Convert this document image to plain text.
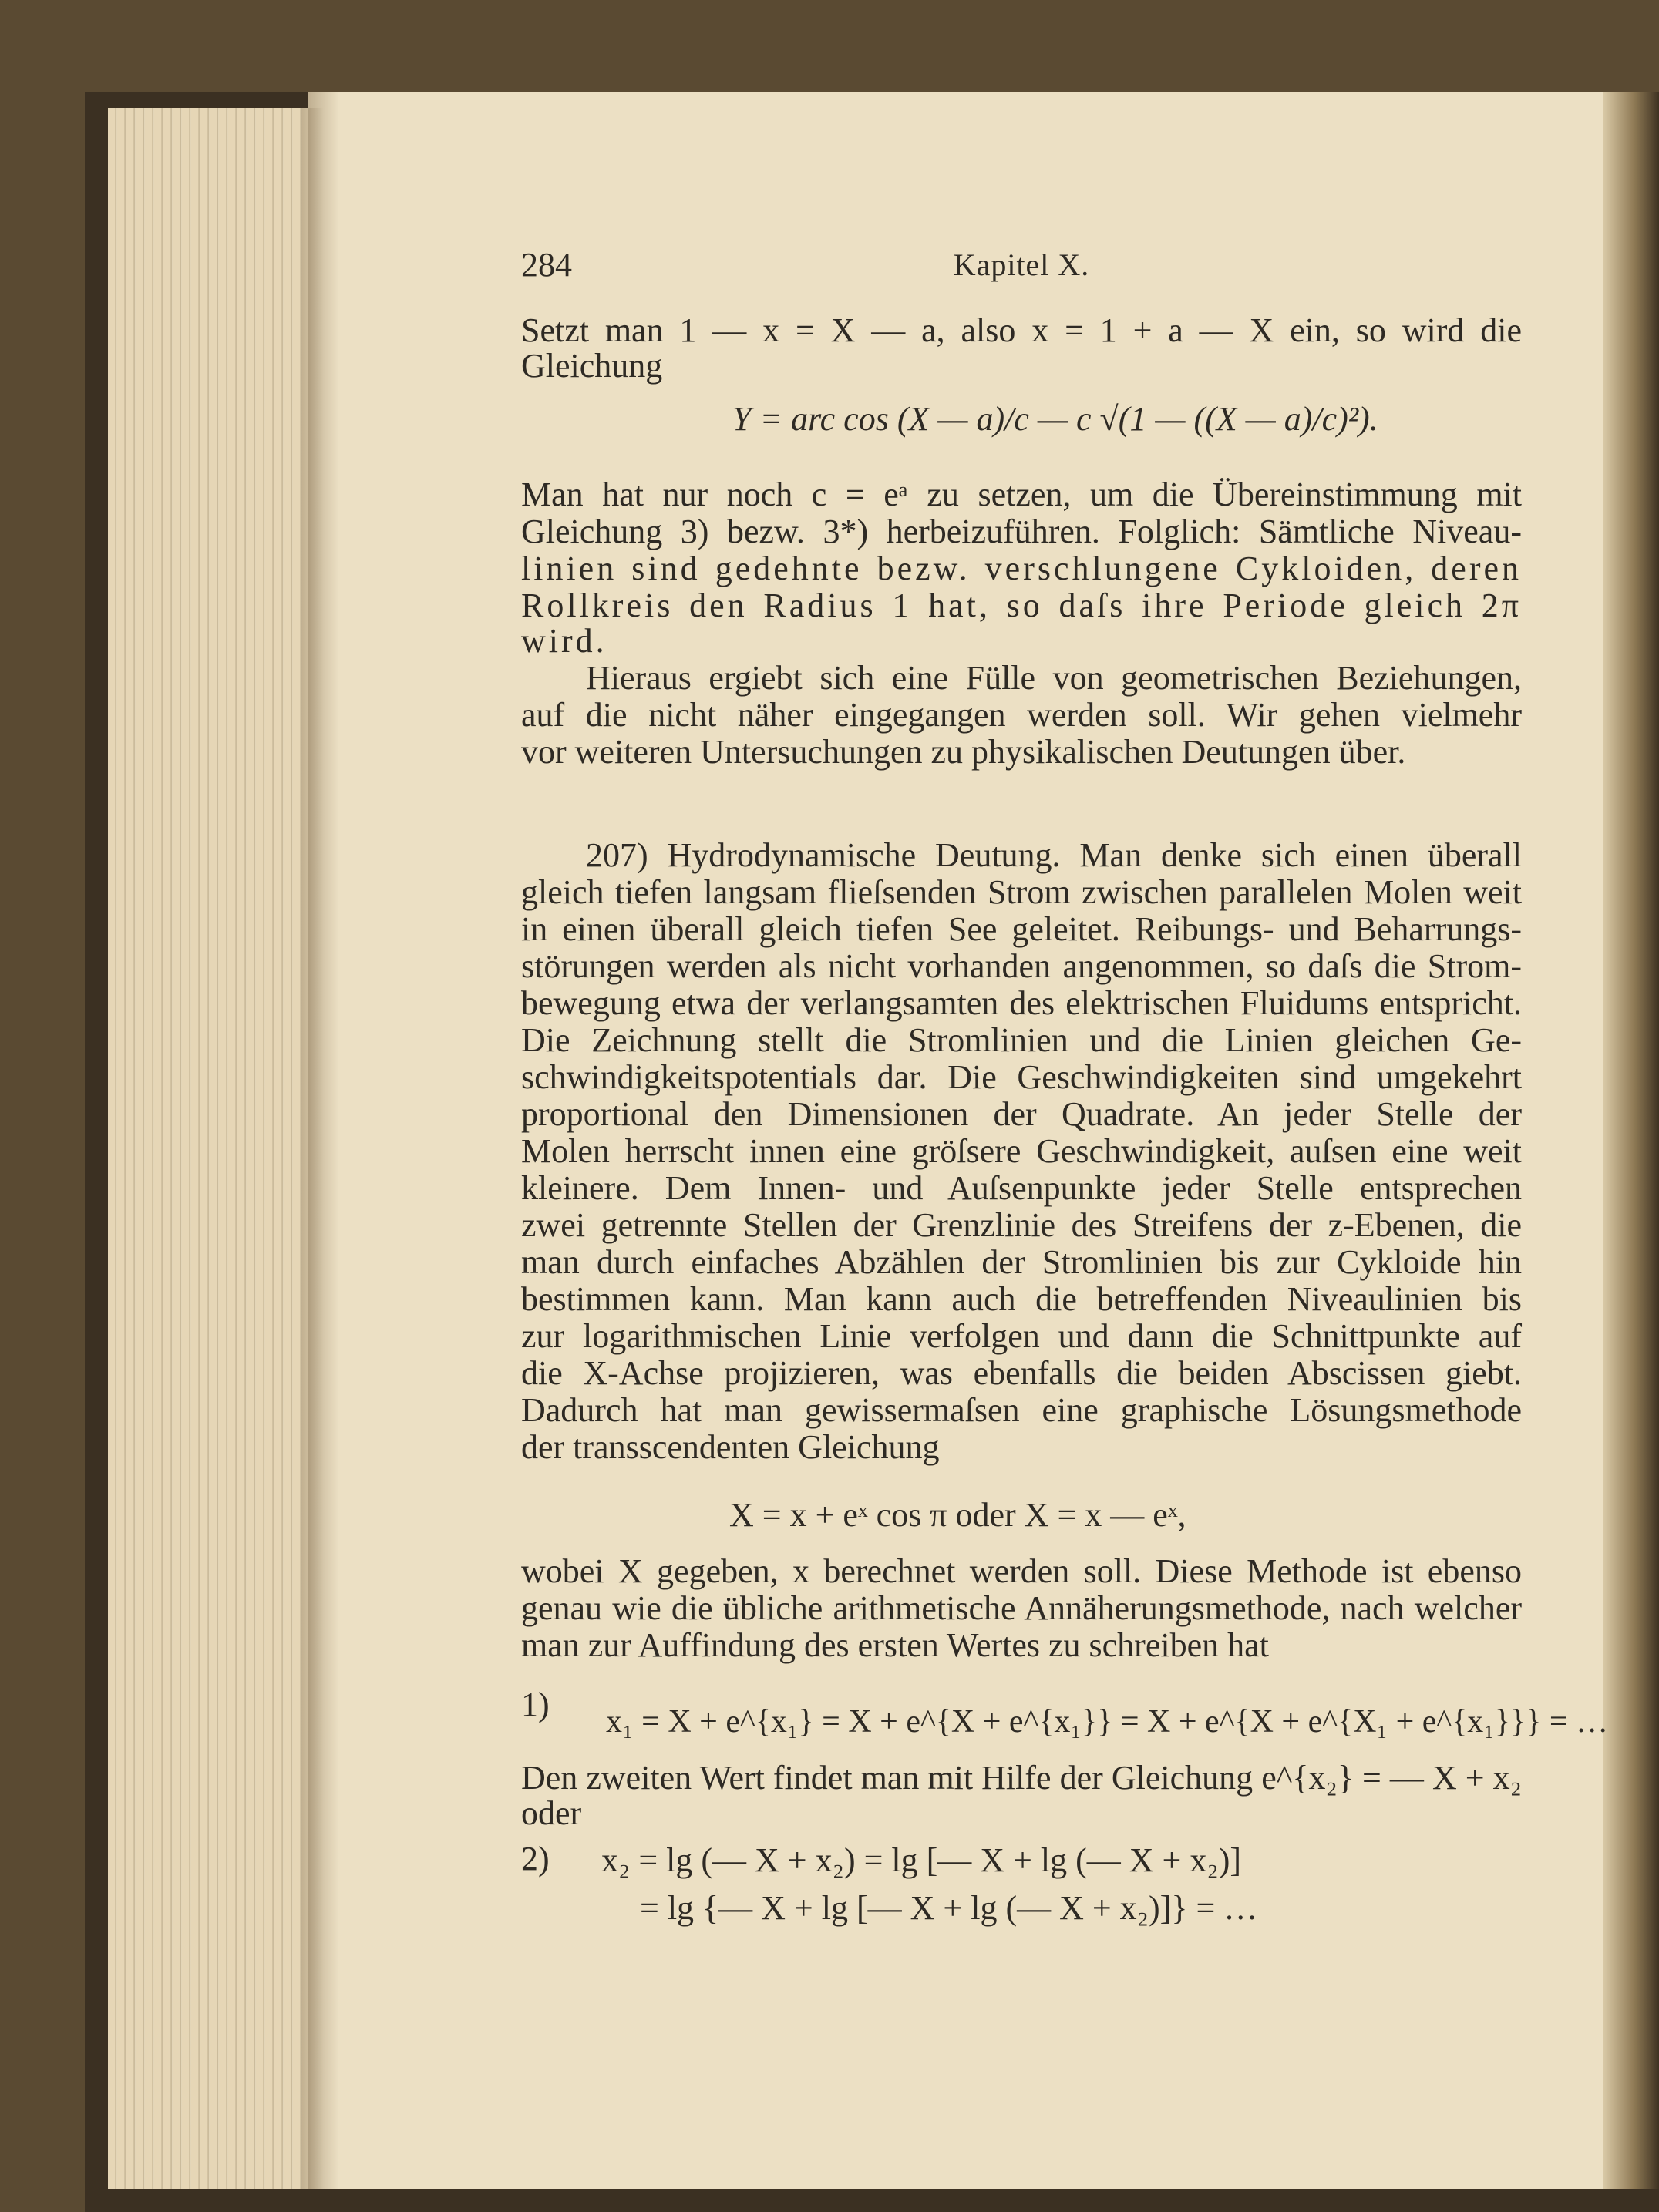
284	Kapitel X.
Setzt man 1 — x = X — a, also x = 1 + a — X ein, so wird die
Gleichung
Y = arc cos (X — a)/c — c √(1 — ((X — a)/c)²).
Man hat nur noch c = eᵃ zu setzen, um die Übereinstimmung mit
Gleichung 3) bezw. 3*) herbeizuführen. Folglich: Sämtliche Niveau-
linien sind gedehnte bezw. verschlungene Cykloiden, deren
Rollkreis den Radius 1 hat, so daſs ihre Periode gleich 2π
wird.
Hieraus ergiebt sich eine Fülle von geometrischen Beziehungen,
auf die nicht näher eingegangen werden soll. Wir gehen vielmehr
vor weiteren Untersuchungen zu physikalischen Deutungen über.
207) Hydrodynamische Deutung. Man denke sich einen überall
gleich tiefen langsam flieſsenden Strom zwischen parallelen Molen weit
in einen überall gleich tiefen See geleitet. Reibungs- und Beharrungs-
störungen werden als nicht vorhanden angenommen, so daſs die Strom-
bewegung etwa der verlangsamten des elektrischen Fluidums entspricht.
Die Zeichnung stellt die Stromlinien und die Linien gleichen Ge-
schwindigkeitspotentials dar. Die Geschwindigkeiten sind umgekehrt
proportional den Dimensionen der Quadrate. An jeder Stelle der
Molen herrscht innen eine gröſsere Geschwindigkeit, auſsen eine weit
kleinere. Dem Innen- und Auſsenpunkte jeder Stelle entsprechen
zwei getrennte Stellen der Grenzlinie des Streifens der z-Ebenen, die
man durch einfaches Abzählen der Stromlinien bis zur Cykloide hin
bestimmen kann. Man kann auch die betreffenden Niveaulinien bis
zur logarithmischen Linie verfolgen und dann die Schnittpunkte auf
die X-Achse projizieren, was ebenfalls die beiden Abscissen giebt.
Dadurch hat man gewissermaſsen eine graphische Lösungsmethode
der transscendenten Gleichung
X = x + eˣ cos π oder X = x — eˣ,
wobei X gegeben, x berechnet werden soll. Diese Methode ist ebenso
genau wie die übliche arithmetische Annäherungsmethode, nach welcher
man zur Auffindung des ersten Wertes zu schreiben hat
1) x₁ = X + e^{x₁} = X + e^{X + e^{x₁}} = X + e^{X + e^{X₁ + e^{x₁}}} = …
Den zweiten Wert findet man mit Hilfe der Gleichung e^{x₂} = — X + x₂
oder
2) x₂ = lg (— X + x₂) = lg [— X + lg (— X + x₂)]
= lg {— X + lg [— X + lg (— X + x₂)]} = …
